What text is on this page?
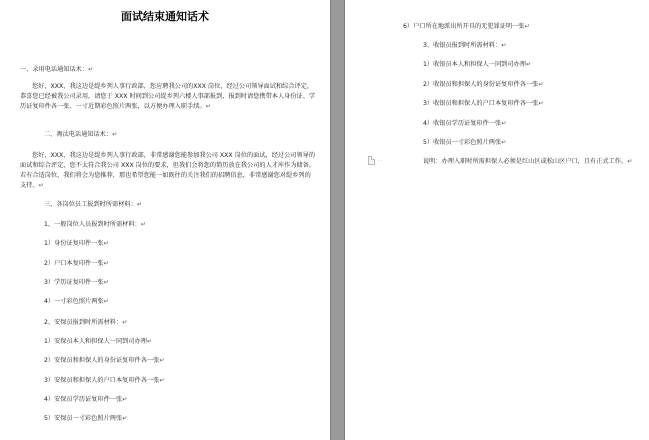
面试结束通知话术
一、录用电话通知话术：↵
您好，XXX，我这边是缇乡列人事行政部，您应聘我公司的XXX 岗位，经过公司领导面试和综合评定，恭喜您已经被我公司录用，请您于 XXX 时间到公司缇乡列六楼人事部报到，报到时请您携带本人身份证、学历证复印件各一张、一寸近期彩色照片两张，以方便办理入职手续。↵
二、淘汰电话通知话术：↵
您好，XXX，我这边是缇乡列人事行政部，非常感谢您能参加我公司 XXX 岗位的面试，经过公司领导的面试和综合评定，您不太符合我公司 XXX 岗位的要求，但我们会将您的简历放在我公司的人才库作为储备，若有合适岗位，我们将会为您推荐，那也希望您能一如既往的关注我们的招聘信息，非常感谢您对缇乡列的支持。↵
三、各岗位员工报到时所需材料：↵
1、一般岗位人员报到时所需材料：↵
1）身份证复印件一张↵
2）户口本复印件一张↵
3）学历证复印件一张↵
4）一寸彩色照片两张↵
2、安保员报到时所需材料：↵
1）安保员本人和担保人一同到司办理↵
2）安保员和担保人的身份证复印件各一张↵
3）安保员和担保人的户口本复印件各一张↵
4）安保员学历证复印件一张↵
5）安保员一寸彩色照片两张↵
6）户口所在地派出所开具的无犯罪证明一张↵
3、收银员报到时所需材料：↵
1）收银员本人和担保人一同到司办理↵
2）收银员和担保人的身份证复印件各一张↵
3）收银员和担保人的户口本复印件各一张↵
4）收银员学历证复印件一张↵
5）收银员一寸彩色照片两张↵
说明：办理入职时所需担保人必须是红山区或松山区户口，且有正式工作。↵
··
